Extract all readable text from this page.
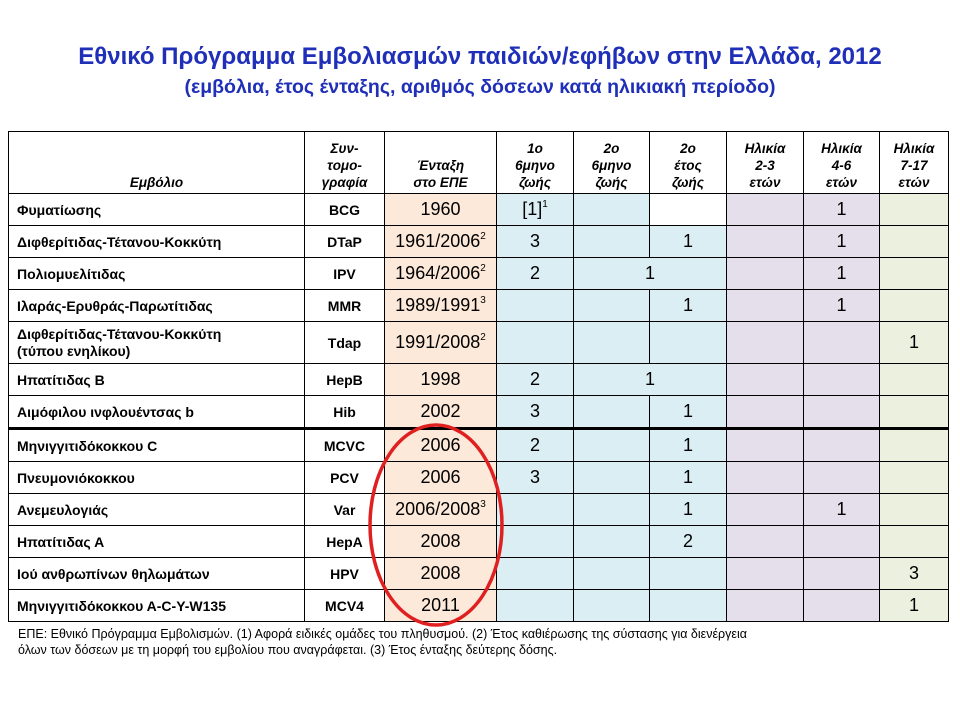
Εθνικό Πρόγραμμα Εμβολιασμών παιδιών/εφήβων στην Ελλάδα, 2012
(εμβόλια, έτος ένταξης, αριθμός δόσεων κατά ηλικιακή περίοδο)
Εμβόλιο	Συν-
τομο-
γραφία	Ένταξη
στο ΕΠΕ	1ο
6μηνο
ζωής	2ο
6μηνο
ζωής	2ο
έτος
ζωής	Ηλικία
2-3
ετών	Ηλικία
4-6
ετών	Ηλικία
7-17
ετών

Φυματίωσης	BCG	1960	$[1]^1$				1	

Διφθερίτιδας-Τέτανου-Κοκκύτη	DTaP	1961/2006$^2$	3		1		1	

Πολιομυελίτιδας	IPV	1964/2006$^2$	2	1			1	

Ιλαράς-Ερυθράς-Παρωτίτιδας	MMR	1989/1991$^3$			1		1	

Διφθερίτιδας-Τέτανου-Κοκκύτη
(τύπου ενηλίκου)	Tdap	1991/2008$^2$						1

Ηπατίτιδας Β	HepB	1998	2	1				

Αιμόφιλου ινφλουέντσας b	Hib	2002	3		1			

Μηνιγγιτιδόκοκκου C	MCVC	2006	2		1			

Πνευμονιόκοκκου	PCV	2006	3		1			

Ανεμευλογιάς	Var	2006/2008$^3$			1		1	

Ηπατίτιδας Α	HepA	2008			2			

Ιού ανθρωπίνων θηλωμάτων	HPV	2008						3

Μηνιγγιτιδόκοκκου Α-C-Y-W135	MCV4	2011						1
ΕΠΕ: Εθνικό Πρόγραμμα Εμβολισμών. (1) Αφορά ειδικές ομάδες του πληθυσμού. (2) Έτος καθιέρωσης της σύστασης για διενέργεια
όλων των δόσεων με τη μορφή του εμβολίου που αναγράφεται. (3) Έτος ένταξης δεύτερης δόσης.
